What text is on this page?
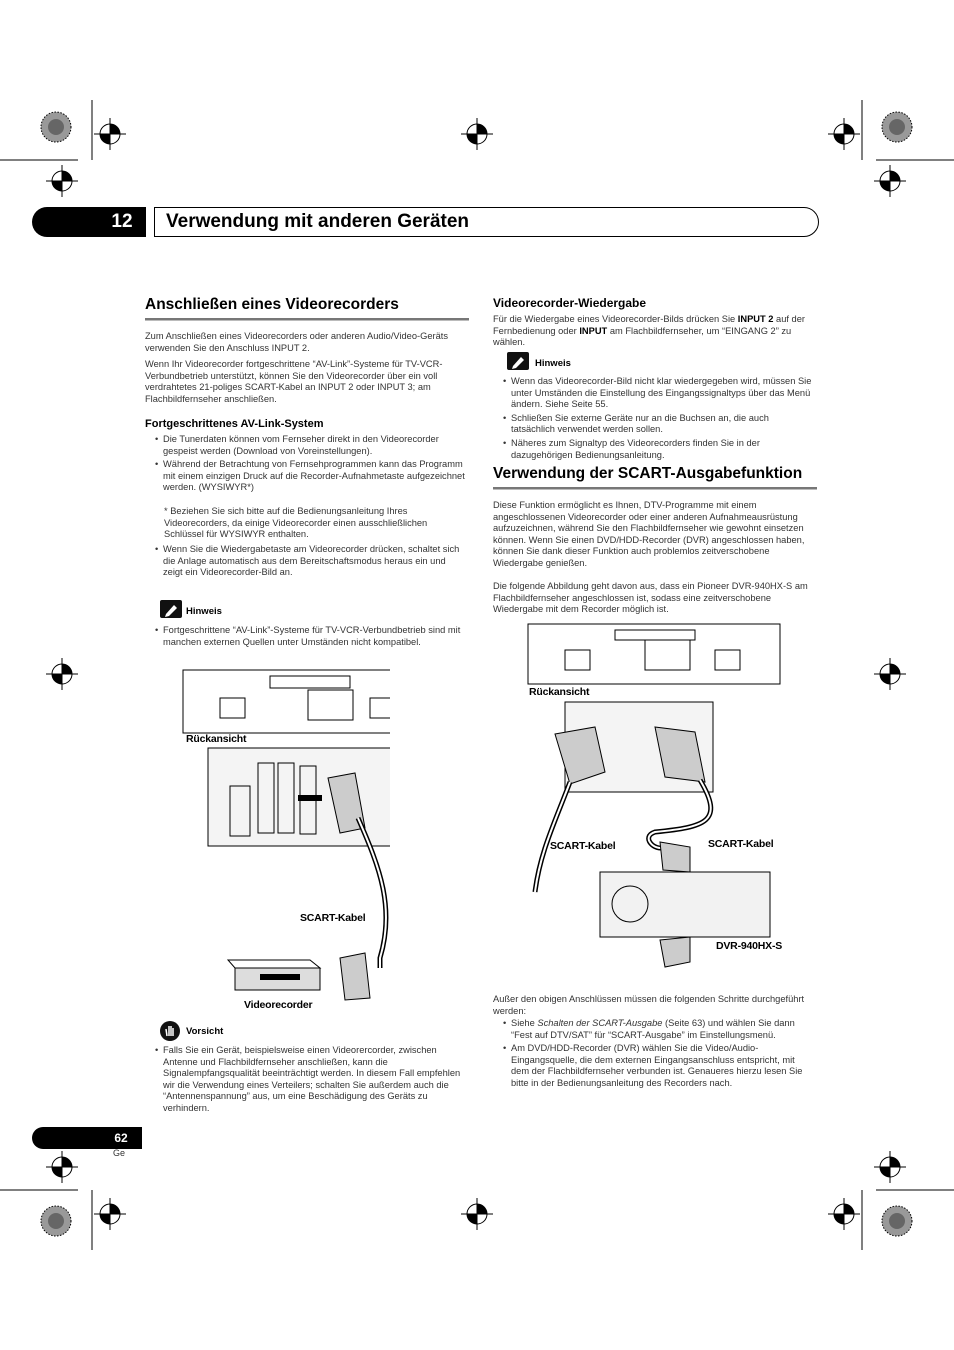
12	Verwendung mit anderen Geräten
Anschließen eines Videorecorders

Zum Anschließen eines Videorecorders oder anderen Audio/Video-Geräts verwenden Sie den Anschluss INPUT 2.

Wenn Ihr Videorecorder fortgeschrittene “AV-Link”-Systeme für TV-VCR-Verbundbetrieb unterstützt, können Sie den Videorecorder über ein voll verdrahtetes 21-poliges SCART-Kabel an INPUT 2 oder INPUT 3; am Flachbildfernseher anschließen.

Fortgeschrittenes AV-Link-System
• Die Tunerdaten können vom Fernseher direkt in den Videorecorder gespeist werden (Download von Voreinstellungen).
• Während der Betrachtung von Fernsehprogrammen kann das Programm mit einem einzigen Druck auf die Recorder-Aufnahmetaste aufgezeichnet werden. (WYSIWYR*)
* Beziehen Sie sich bitte auf die Bedienungsanleitung Ihres Videorecorders, da einige Videorecorder einen ausschließlichen Schlüssel für WYSIWYR enthalten.
• Wenn Sie die Wiedergabetaste am Videorecorder drücken, schaltet sich die Anlage automatisch aus dem Bereitschaftsmodus heraus ein und zeigt ein Videorecorder-Bild an.
Hinweis
• Fortgeschrittene “AV-Link”-Systeme für TV-VCR-Verbundbetrieb sind mit manchen externen Quellen unter Umständen nicht kompatibel.
Rückansicht
SCART-Kabel
Videorecorder
Vorsicht
• Falls Sie ein Gerät, beispielsweise einen Videorercorder, zwischen Antenne und Flachbildfernseher anschließen, kann die Signalempfangsqualität beeinträchtigt werden. In diesem Fall empfehlen wir die Verwendung eines Verteilers; schalten Sie außerdem auch die “Antennenspannung” aus, um eine Beschädigung des Geräts zu verhindern.
Videorecorder-Wiedergabe

Für die Wiedergabe eines Videorecorder-Bilds drücken Sie INPUT 2 auf der Fernbedienung oder INPUT am Flachbildfernseher, um “EINGANG 2” zu wählen.

Hinweis
• Wenn das Videorecorder-Bild nicht klar wiedergegeben wird, müssen Sie unter Umständen die Einstellung des Eingangssignaltyps über das Menü ändern. Siehe Seite 55.
• Schließen Sie externe Geräte nur an die Buchsen an, die auch tatsächlich verwendet werden sollen.
• Näheres zum Signaltyp des Videorecorders finden Sie in der dazugehörigen Bedienungsanleitung.
Verwendung der SCART-Ausgabefunktion

Diese Funktion ermöglicht es Ihnen, DTV-Programme mit einem angeschlossenen Videorecorder oder einer anderen Aufnahmeausrüstung aufzuzeichnen, während Sie den Flachbildfernseher wie gewohnt einsetzen können. Wenn Sie einen DVD/HDD-Recorder (DVR) angeschlossen haben, können Sie dank dieser Funktion auch problemlos zeitverschobene Wiedergabe genießen.

Die folgende Abbildung geht davon aus, dass ein Pioneer DVR-940HX-S am Flachbildfernseher angeschlossen ist, sodass eine zeitverschobene Wiedergabe mit dem Recorder möglich ist.

Rückansicht
SCART-Kabel	SCART-Kabel
DVR-940HX-S

Außer den obigen Anschlüssen müssen die folgenden Schritte durchgeführt werden:

• Siehe Schalten der SCART-Ausgabe (Seite 63) und wählen Sie dann “Fest auf DTV/SAT” für “SCART-Ausgabe” im Einstellungsmenü.
• Am DVD/HDD-Recorder (DVR) wählen Sie die Video/Audio-Eingangsquelle, die dem externen Eingangsanschluss entspricht, mit dem der Flachbildfernseher verbunden ist. Genaueres hierzu lesen Sie bitte in der Bedienungsanleitung des Recorders nach.
62
Ge
